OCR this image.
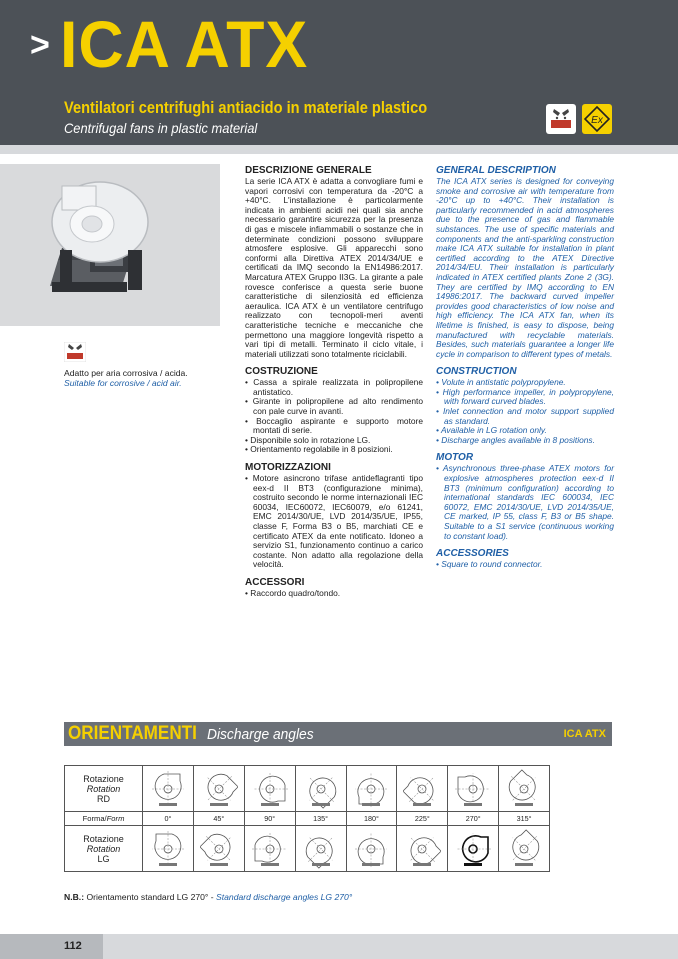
> ICA ATX
Ventilatori centrifughi antiacido in materiale plastico
Centrifugal fans in plastic material	Ex
Adatto per aria corrosiva / acida.
Suitable for corrosive / acid air.
DESCRIZIONE GENERALE

La serie ICA ATX è adatta a convogliare fumi e vapori corrosivi con temperatura da -20°C a +40°C. L'installazione è particolarmente indicata in ambienti acidi nei quali sia anche necessario garantire sicurezza per la presenza di gas e miscele infiammabili o sostanze che in determinate condizioni possono sviluppare atmosfere esplosive. Gli apparecchi sono conformi alla Direttiva ATEX 2014/34/UE e certificati da IMQ secondo la EN14986:2017. Marcatura ATEX Gruppo II3G. La girante a pale rovesce conferisce a questa serie buone caratteristiche di silenziosità ed efficienza aeraulica. ICA ATX è un ventilatore centrifugo realizzato con tecnopoli-meri aventi caratteristiche tecniche e meccaniche che permettono una maggiore longevità rispetto a vari tipi di metalli. Terminato il ciclo vitale, i materiali utilizzati sono totalmente riciclabili.

COSTRUZIONE
• Cassa a spirale realizzata in polipropilene antistatico.
• Girante in polipropilene ad alto rendimento con pale curve in avanti.
• Boccaglio aspirante e supporto motore montati di serie.
• Disponibile solo in rotazione LG.
• Orientamento regolabile in 8 posizioni.
MOTORIZZAZIONI
• Motore asincrono trifase antideflagranti tipo eex-d II BT3 (configurazione minima), costruito secondo le norme internazionali IEC 60034, IEC60072, IEC60079, e/o 61241, EMC 2014/30/UE, LVD 2014/35/UE, IP55, classe F, Forma B3 o B5, marchiati CE e certificato ATEX da ente notificato. Idoneo a servizio S1, funzionamento continuo a carico costante. Non adatto alla regolazione della velocità.
ACCESSORI
• Raccordo quadro/tondo.
GENERAL DESCRIPTION

The ICA ATX series is designed for conveying smoke and corrosive air with temperature from -20°C up to +40°C. Their installation is particularly recommended in acid atmospheres due to the presence of gas and flammable substances. The use of specific materials and components and the anti-sparkling construction make ICA ATX suitable for installation in plant certified according to the ATEX Directive 2014/34/EU. Their installation is particularly indicated in ATEX certified plants Zone 2 (3G). They are certified by IMQ according to EN 14986:2017. The backward curved impeller provides good characteristics of low noise and high efficiency. The ICA ATX fan, when its lifetime is finished, is easy to dispose, being manufactured with recyclable materials. Besides, such materials guarantee a longer life cycle in comparison to different types of metals.

CONSTRUCTION
• Volute in antistatic polypropylene.
• High performance impeller, in polypropylene, with forward curved blades.
• Inlet connection and motor support supplied as standard.
• Available in LG rotation only.
• Discharge angles available in 8 positions.
MOTOR
• Asynchronous three-phase ATEX motors for explosive atmospheres protection eex-d II BT3 (minimum configuration) according to international standards IEC 600034, IEC 60072, EMC 2014/30/UE, LVD 2014/35/UE, CE marked, IP 55, class F, B3 or B5 shape. Suitable to a S1 service (continuous working to constant load).
ACCESSORIES
• Square to round connector.
ORIENTAMENTI Discharge angles	ICA ATX
Rotazione
Rotation
RD

Forma/Form	0°	45°	90°	135°	180°	225°	270°	315°

Rotazione
Rotation
LG

N.B.: Orientamento standard LG 270° - Standard discharge angles LG 270°
112
